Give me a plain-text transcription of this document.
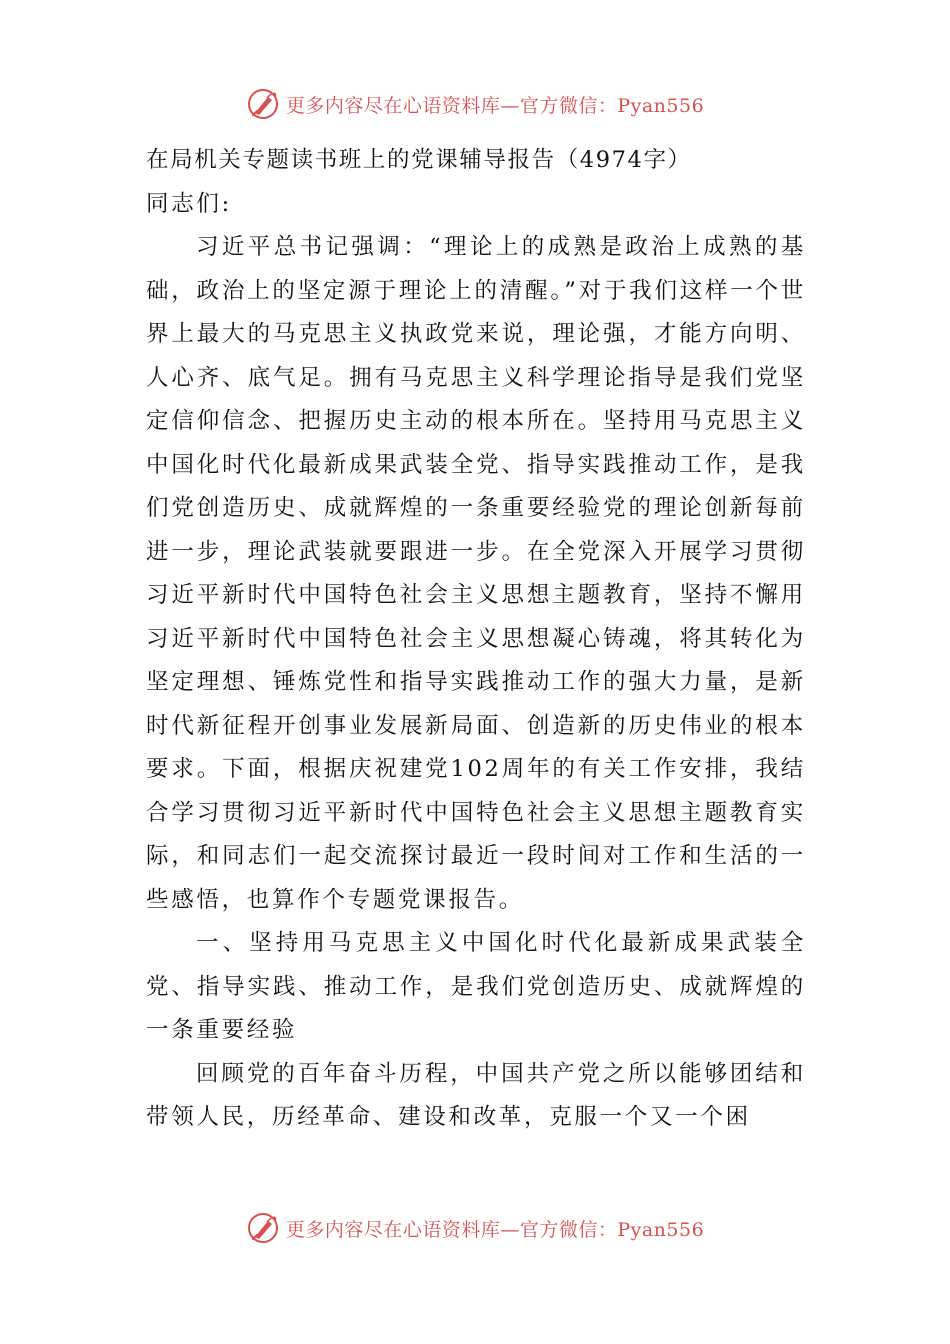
更多内容尽在心语资料库—官方微信：Pyan556

在局机关专题读书班上的党课辅导报告（4974字）

同志们:

习近平总书记强调：“理论上的成熟是政治上成熟的基础，政治上的坚定源于理论上的清醒。”对于我们这样一个世界上最大的马克思主义执政党来说，理论强，才能方向明、人心齐、底气足。拥有马克思主义科学理论指导是我们党坚定信仰信念、把握历史主动的根本所在。坚持用马克思主义中国化时代化最新成果武装全党、指导实践推动工作，是我们党创造历史、成就辉煌的一条重要经验党的理论创新每前进一步，理论武装就要跟进一步。在全党深入开展学习贯彻习近平新时代中国特色社会主义思想主题教育，坚持不懈用习近平新时代中国特色社会主义思想凝心铸魂，将其转化为坚定理想、锤炼党性和指导实践推动工作的强大力量，是新时代新征程开创事业发展新局面、创造新的历史伟业的根本要求。下面，根据庆祝建党102周年的有关工作安排，我结合学习贯彻习近平新时代中国特色社会主义思想主题教育实际，和同志们一起交流探讨最近一段时间对工作和生活的一些感悟，也算作个专题党课报告。

一、坚持用马克思主义中国化时代化最新成果武装全党、指导实践、推动工作，是我们党创造历史、成就辉煌的一条重要经验

回顾党的百年奋斗历程，中国共产党之所以能够团结和带领人民，历经革命、建设和改革，克服一个又一个困

更多内容尽在心语资料库—官方微信：Pyan556
